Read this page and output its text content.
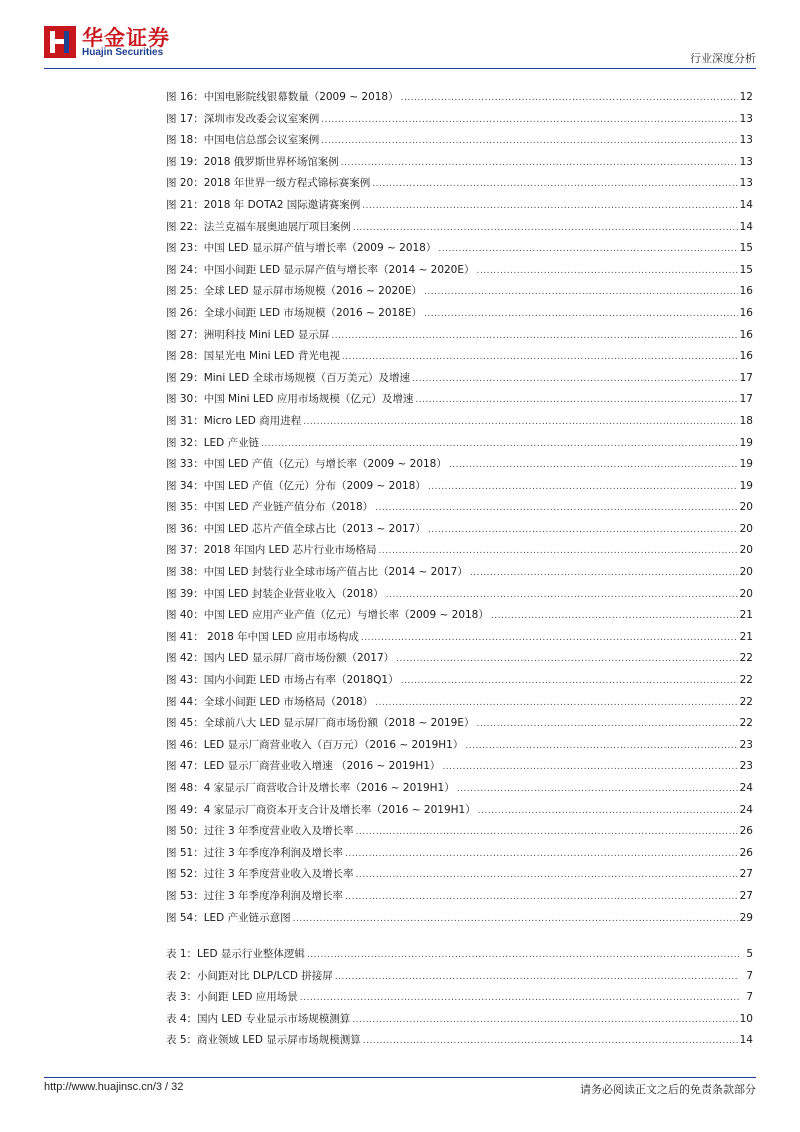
华金证券
Huajin Securities	行业深度分析
图 16：中国电影院线银幕数量（2009 ~ 2018） .....	12
图 17：深圳市发改委会议室案例 .....	13
图 18：中国电信总部会议室案例 .....	13
图 19：2018 俄罗斯世界杯场馆案例 .....	13
图 20：2018 年世界一级方程式锦标赛案例 .....	13
图 21：2018 年 DOTA2 国际邀请赛案例 .....	14
图 22：法兰克福车展奥迪展厅项目案例 .....	14
图 23：中国 LED 显示屏产值与增长率（2009 ~ 2018） .....	15
图 24：中国小间距 LED 显示屏产值与增长率（2014 ~ 2020E） .....	15
图 25：全球 LED 显示屏市场规模（2016 ~ 2020E） .....	16
图 26：全球小间距 LED 市场规模（2016 ~ 2018E） .....	16
图 27：洲明科技 Mini LED 显示屏 .....	16
图 28：国星光电 Mini LED 背光电视 .....	16
图 29：Mini LED 全球市场规模（百万美元）及增速 .....	17
图 30：中国 Mini LED 应用市场规模（亿元）及增速 .....	17
图 31：Micro LED 商用进程 .....	18
图 32：LED 产业链 .....	19
图 33：中国 LED 产值（亿元）与增长率（2009 ~ 2018） .....	19
图 34：中国 LED 产值（亿元）分布（2009 ~ 2018） .....	19
图 35：中国 LED 产业链产值分布（2018） .....	20
图 36：中国 LED 芯片产值全球占比（2013 ~ 2017） .....	20
图 37：2018 年国内 LED 芯片行业市场格局 .....	20
图 38：中国 LED 封装行业全球市场产值占比（2014 ~ 2017） .....	20
图 39：中国 LED 封装企业营业收入（2018） .....	20
图 40：中国 LED 应用产业产值（亿元）与增长率（2009 ~ 2018） .....	21
图 41： 2018 年中国 LED 应用市场构成 .....	21
图 42：国内 LED 显示屏厂商市场份额（2017） .....	22
图 43：国内小间距 LED 市场占有率（2018Q1） .....	22
图 44：全球小间距 LED 市场格局（2018） .....	22
图 45：全球前八大 LED 显示屏厂商市场份额（2018 ~ 2019E） .....	22
图 46：LED 显示厂商营业收入（百万元）（2016 ~ 2019H1） .....	23
图 47：LED 显示厂商营业收入增速 （2016 ~ 2019H1） .....	23
图 48：4 家显示厂商营收合计及增长率（2016 ~ 2019H1） .....	24
图 49：4 家显示厂商资本开支合计及增长率（2016 ~ 2019H1） .....	24
图 50：过往 3 年季度营业收入及增长率 .....	26
图 51：过往 3 年季度净利润及增长率 .....	26
图 52：过往 3 年季度营业收入及增长率 .....	27
图 53：过往 3 年季度净利润及增长率 .....	27
图 54：LED 产业链示意图 .....	29
表 1：LED 显示行业整体逻辑 .....	5
表 2：小间距对比 DLP/LCD 拼接屏 .....	7
表 3：小间距 LED 应用场景 .....	7
表 4：国内 LED 专业显示市场规模测算 .....	10
表 5：商业领域 LED 显示屏市场规模测算 .....	14
http://www.huajinsc.cn/3 / 32	请务必阅读正文之后的免责条款部分
